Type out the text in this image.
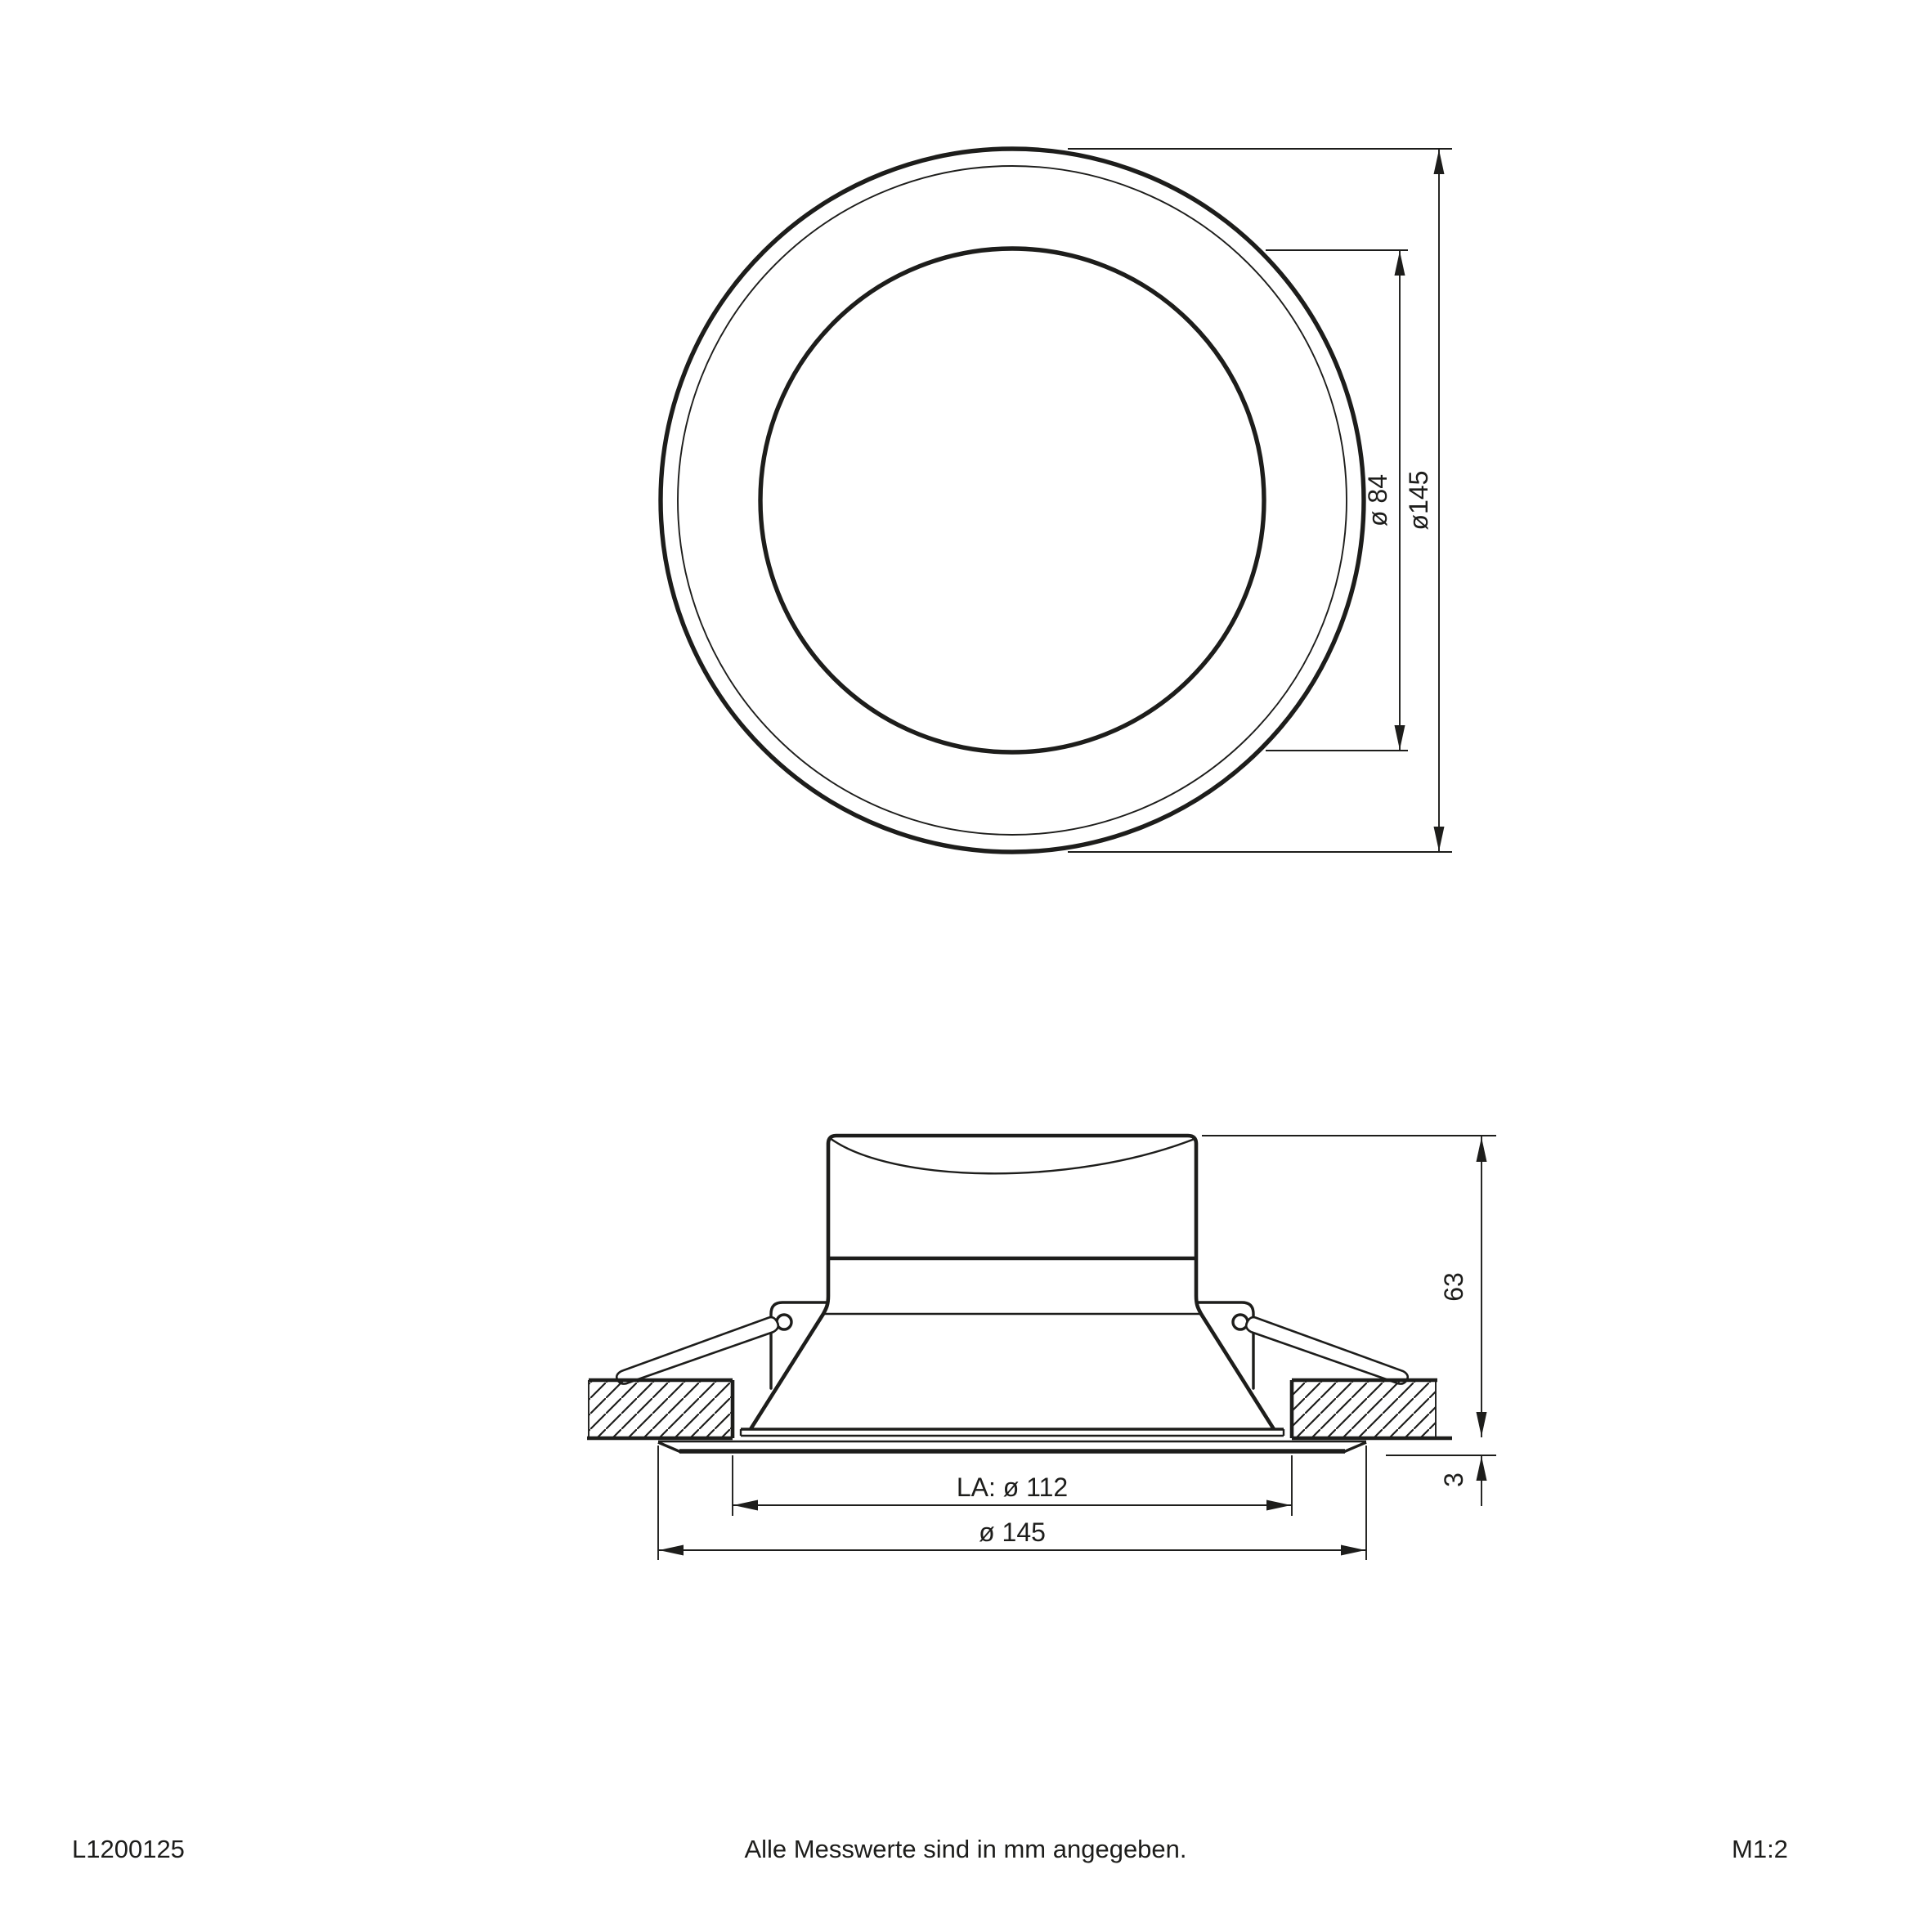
ø 84 ø145
LA: ø 112
ø 145
63
3
L1200125	Alle Messwerte sind in mm angegeben.	M1:2
